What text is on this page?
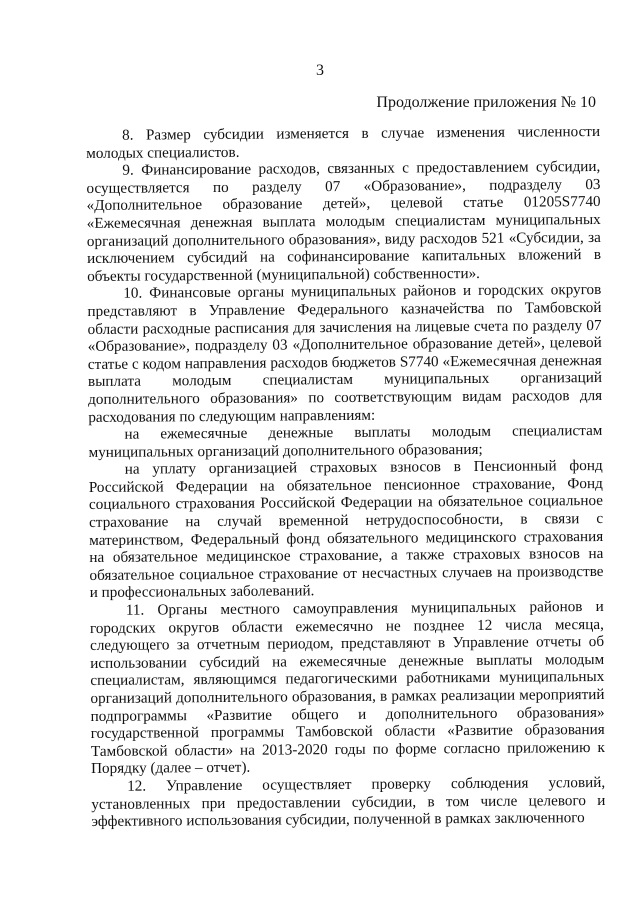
3
Продолжение приложения № 10

8. Размер субсидии изменяется в случае изменения численности молодых специалистов.

9. Финансирование расходов, связанных с предоставлением субсидии, осуществляется по разделу 07 «Образование», подразделу 03 «Дополнительное образование детей», целевой статье 01205S7740 «Ежемесячная денежная выплата молодым специалистам муниципальных организаций дополнительного образования», виду расходов 521 «Субсидии, за исключением субсидий на софинансирование капитальных вложений в объекты государственной (муниципальной) собственности».

10. Финансовые органы муниципальных районов и городских округов представляют в Управление Федерального казначейства по Тамбовской области расходные расписания для зачисления на лицевые счета по разделу 07 «Образование», подразделу 03 «Дополнительное образование детей», целевой статье с кодом направления расходов бюджетов S7740 «Ежемесячная денежная выплата молодым специалистам муниципальных организаций дополнительного образования» по соответствующим видам расходов для расходования по следующим направлениям:

на ежемесячные денежные выплаты молодым специалистам муниципальных организаций дополнительного образования;

на уплату организацией страховых взносов в Пенсионный фонд Российской Федерации на обязательное пенсионное страхование, Фонд социального страхования Российской Федерации на обязательное социальное страхование на случай временной нетрудоспособности, в связи с материнством, Федеральный фонд обязательного медицинского страхования на обязательное медицинское страхование, а также страховых взносов на обязательное социальное страхование от несчастных случаев на производстве и профессиональных заболеваний.

11. Органы местного самоуправления муниципальных районов и городских округов области ежемесячно не позднее 12 числа месяца, следующего за отчетным периодом, представляют в Управление отчеты об использовании субсидий на ежемесячные денежные выплаты молодым специалистам, являющимся педагогическими работниками муниципальных организаций дополнительного образования, в рамках реализации мероприятий подпрограммы «Развитие общего и дополнительного образования» государственной программы Тамбовской области «Развитие образования Тамбовской области» на 2013-2020 годы по форме согласно приложению к Порядку (далее – отчет).

12. Управление осуществляет проверку соблюдения условий, установленных при предоставлении субсидии, в том числе целевого и эффективного использования субсидии, полученной в рамках заключенного
